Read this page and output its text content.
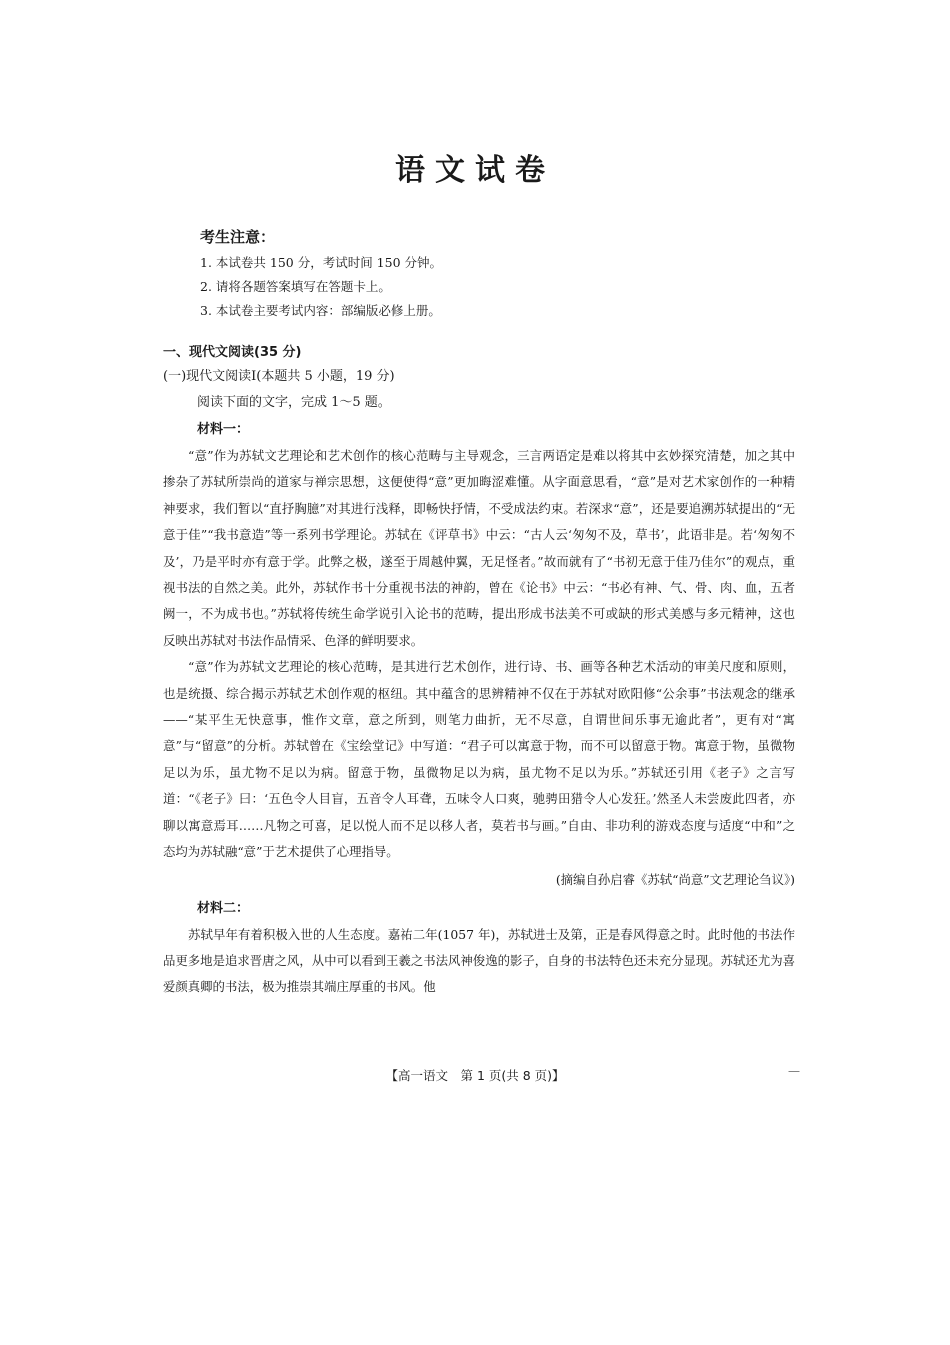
语文试卷
考生注意：
1. 本试卷共 150 分，考试时间 150 分钟。
2. 请将各题答案填写在答题卡上。
3. 本试卷主要考试内容：部编版必修上册。
一、现代文阅读(35 分)
(一)现代文阅读Ⅰ(本题共 5 小题，19 分)
阅读下面的文字，完成 1～5 题。
材料一：

“意”作为苏轼文艺理论和艺术创作的核心范畴与主导观念，三言两语定是难以将其中玄妙探究清楚，加之其中掺杂了苏轼所崇尚的道家与禅宗思想，这便使得“意”更加晦涩难懂。从字面意思看，“意”是对艺术家创作的一种精神要求，我们暂以“直抒胸臆”对其进行浅释，即畅快抒情，不受成法约束。若深求“意”，还是要追溯苏轼提出的“无意于佳”“我书意造”等一系列书学理论。苏轼在《评草书》中云：“古人云‘匆匆不及，草书’，此语非是。若‘匆匆不及’，乃是平时亦有意于学。此弊之极，遂至于周越仲翼，无足怪者。”故而就有了“书初无意于佳乃佳尔”的观点，重视书法的自然之美。此外，苏轼作书十分重视书法的神韵，曾在《论书》中云：“书必有神、气、骨、肉、血，五者阙一，不为成书也。”苏轼将传统生命学说引入论书的范畴，提出形成书法美不可或缺的形式美感与多元精神，这也反映出苏轼对书法作品情采、色泽的鲜明要求。

“意”作为苏轼文艺理论的核心范畴，是其进行艺术创作，进行诗、书、画等各种艺术活动的审美尺度和原则，也是统摄、综合揭示苏轼艺术创作观的枢纽。其中蕴含的思辨精神不仅在于苏轼对欧阳修“公余事”书法观念的继承——“某平生无快意事，惟作文章，意之所到，则笔力曲折，无不尽意，自谓世间乐事无逾此者”，更有对“寓意”与“留意”的分析。苏轼曾在《宝绘堂记》中写道：“君子可以寓意于物，而不可以留意于物。寓意于物，虽微物足以为乐，虽尤物不足以为病。留意于物，虽微物足以为病，虽尤物不足以为乐。”苏轼还引用《老子》之言写道：“《老子》曰：‘五色令人目盲，五音令人耳聋，五味令人口爽，驰骋田猎令人心发狂。’然圣人未尝废此四者，亦聊以寓意焉耳……凡物之可喜，足以悦人而不足以移人者，莫若书与画。”自由、非功利的游戏态度与适度“中和”之态均为苏轼融“意”于艺术提供了心理指导。

(摘编自孙启睿《苏轼“尚意”文艺理论刍议》)
材料二：

苏轼早年有着积极入世的人生态度。嘉祐二年(1057 年)，苏轼进士及第，正是春风得意之时。此时他的书法作品更多地是追求晋唐之风，从中可以看到王羲之书法风神俊逸的影子，自身的书法特色还未充分显现。苏轼还尤为喜爱颜真卿的书法，极为推崇其端庄厚重的书风。他

【高一语文　第 1 页(共 8 页)】	—
